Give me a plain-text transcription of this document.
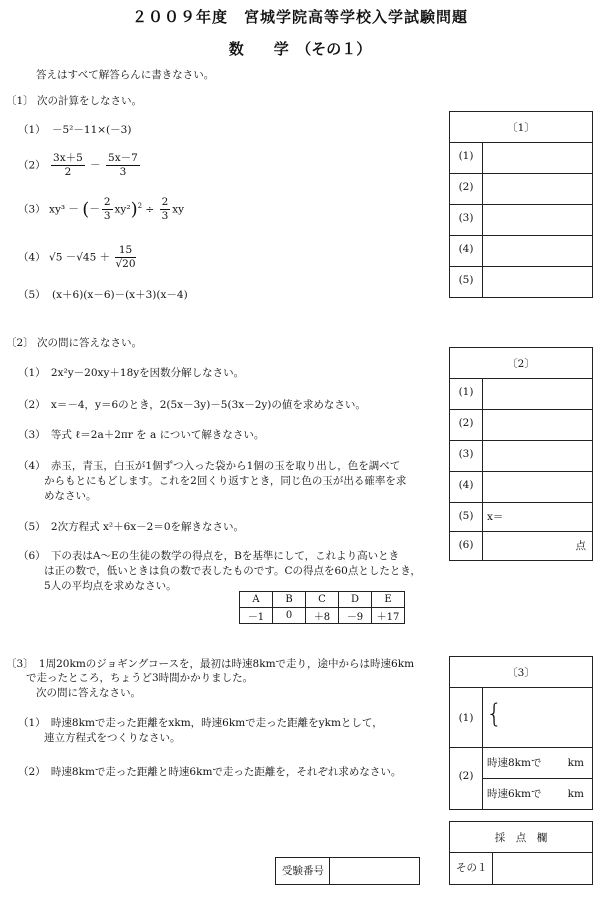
２００９年度　宮城学院高等学校入学試験問題
数　　学　（その１）
答えはすべて解答らんに書きなさい。
〔1〕 次の計算をしなさい。
（1） －5²－11×(－3)
$(2) \frac{3x+5}{2} - \frac{5x-7}{3}$
（3） xy³ － (－ $\frac{2}{3} xy^2)^2 \div \frac{2}{3}$ xy
（4） $√5 -√45 + \frac{15}{√20}$
（5） (x＋6)(x－6)－(x＋3)(x－4)
〔2〕 次の問に答えなさい。
（1）　2x²y－20xy＋18yを因数分解しなさい。
（2）　x＝－4，y＝6のとき，2(5x－3y)－5(3x－2y)の値を求めなさい。
（3）　等式 ℓ＝2a＋2πr を a について解きなさい。
（4）　赤玉，青玉，白玉が1個ずつ入った袋から1個の玉を取り出し，色を調べて
からもとにもどします。これを2回くり返すとき，同じ色の玉が出る確率を求
めなさい。
（5）　2次方程式 x²＋6x－2＝0を解きなさい。
（6）　下の表はA～Eの生徒の数学の得点を，Bを基準にして，これより高いとき
は正の数で，低いときは負の数で表したものです。Cの得点を60点としたとき，
5人の平均点を求めなさい。
A	B	C	D	E
－1	0	＋8	－9	＋17
〔3〕　1周20kmのジョギングコースを，最初は時速8kmで走り，途中からは時速6km
で走ったところ，ちょうど3時間かかりました。
次の問に答えなさい。
（1）　時速8kmで走った距離をxkm，時速6kmで走った距離をykmとして，
連立方程式をつくりなさい。
（2）　時速8kmで走った距離と時速6kmで走った距離を，それぞれ求めなさい。
〔1〕
(1)
(2)
(3)
(4)
(5)
〔2〕
(1)
(2)
(3)
(4)
(5)	x＝
(6)	点
〔3〕
(1) {
(2)
時速8kmで km
時速6kmで km
採　点　欄
その１
受験番号
